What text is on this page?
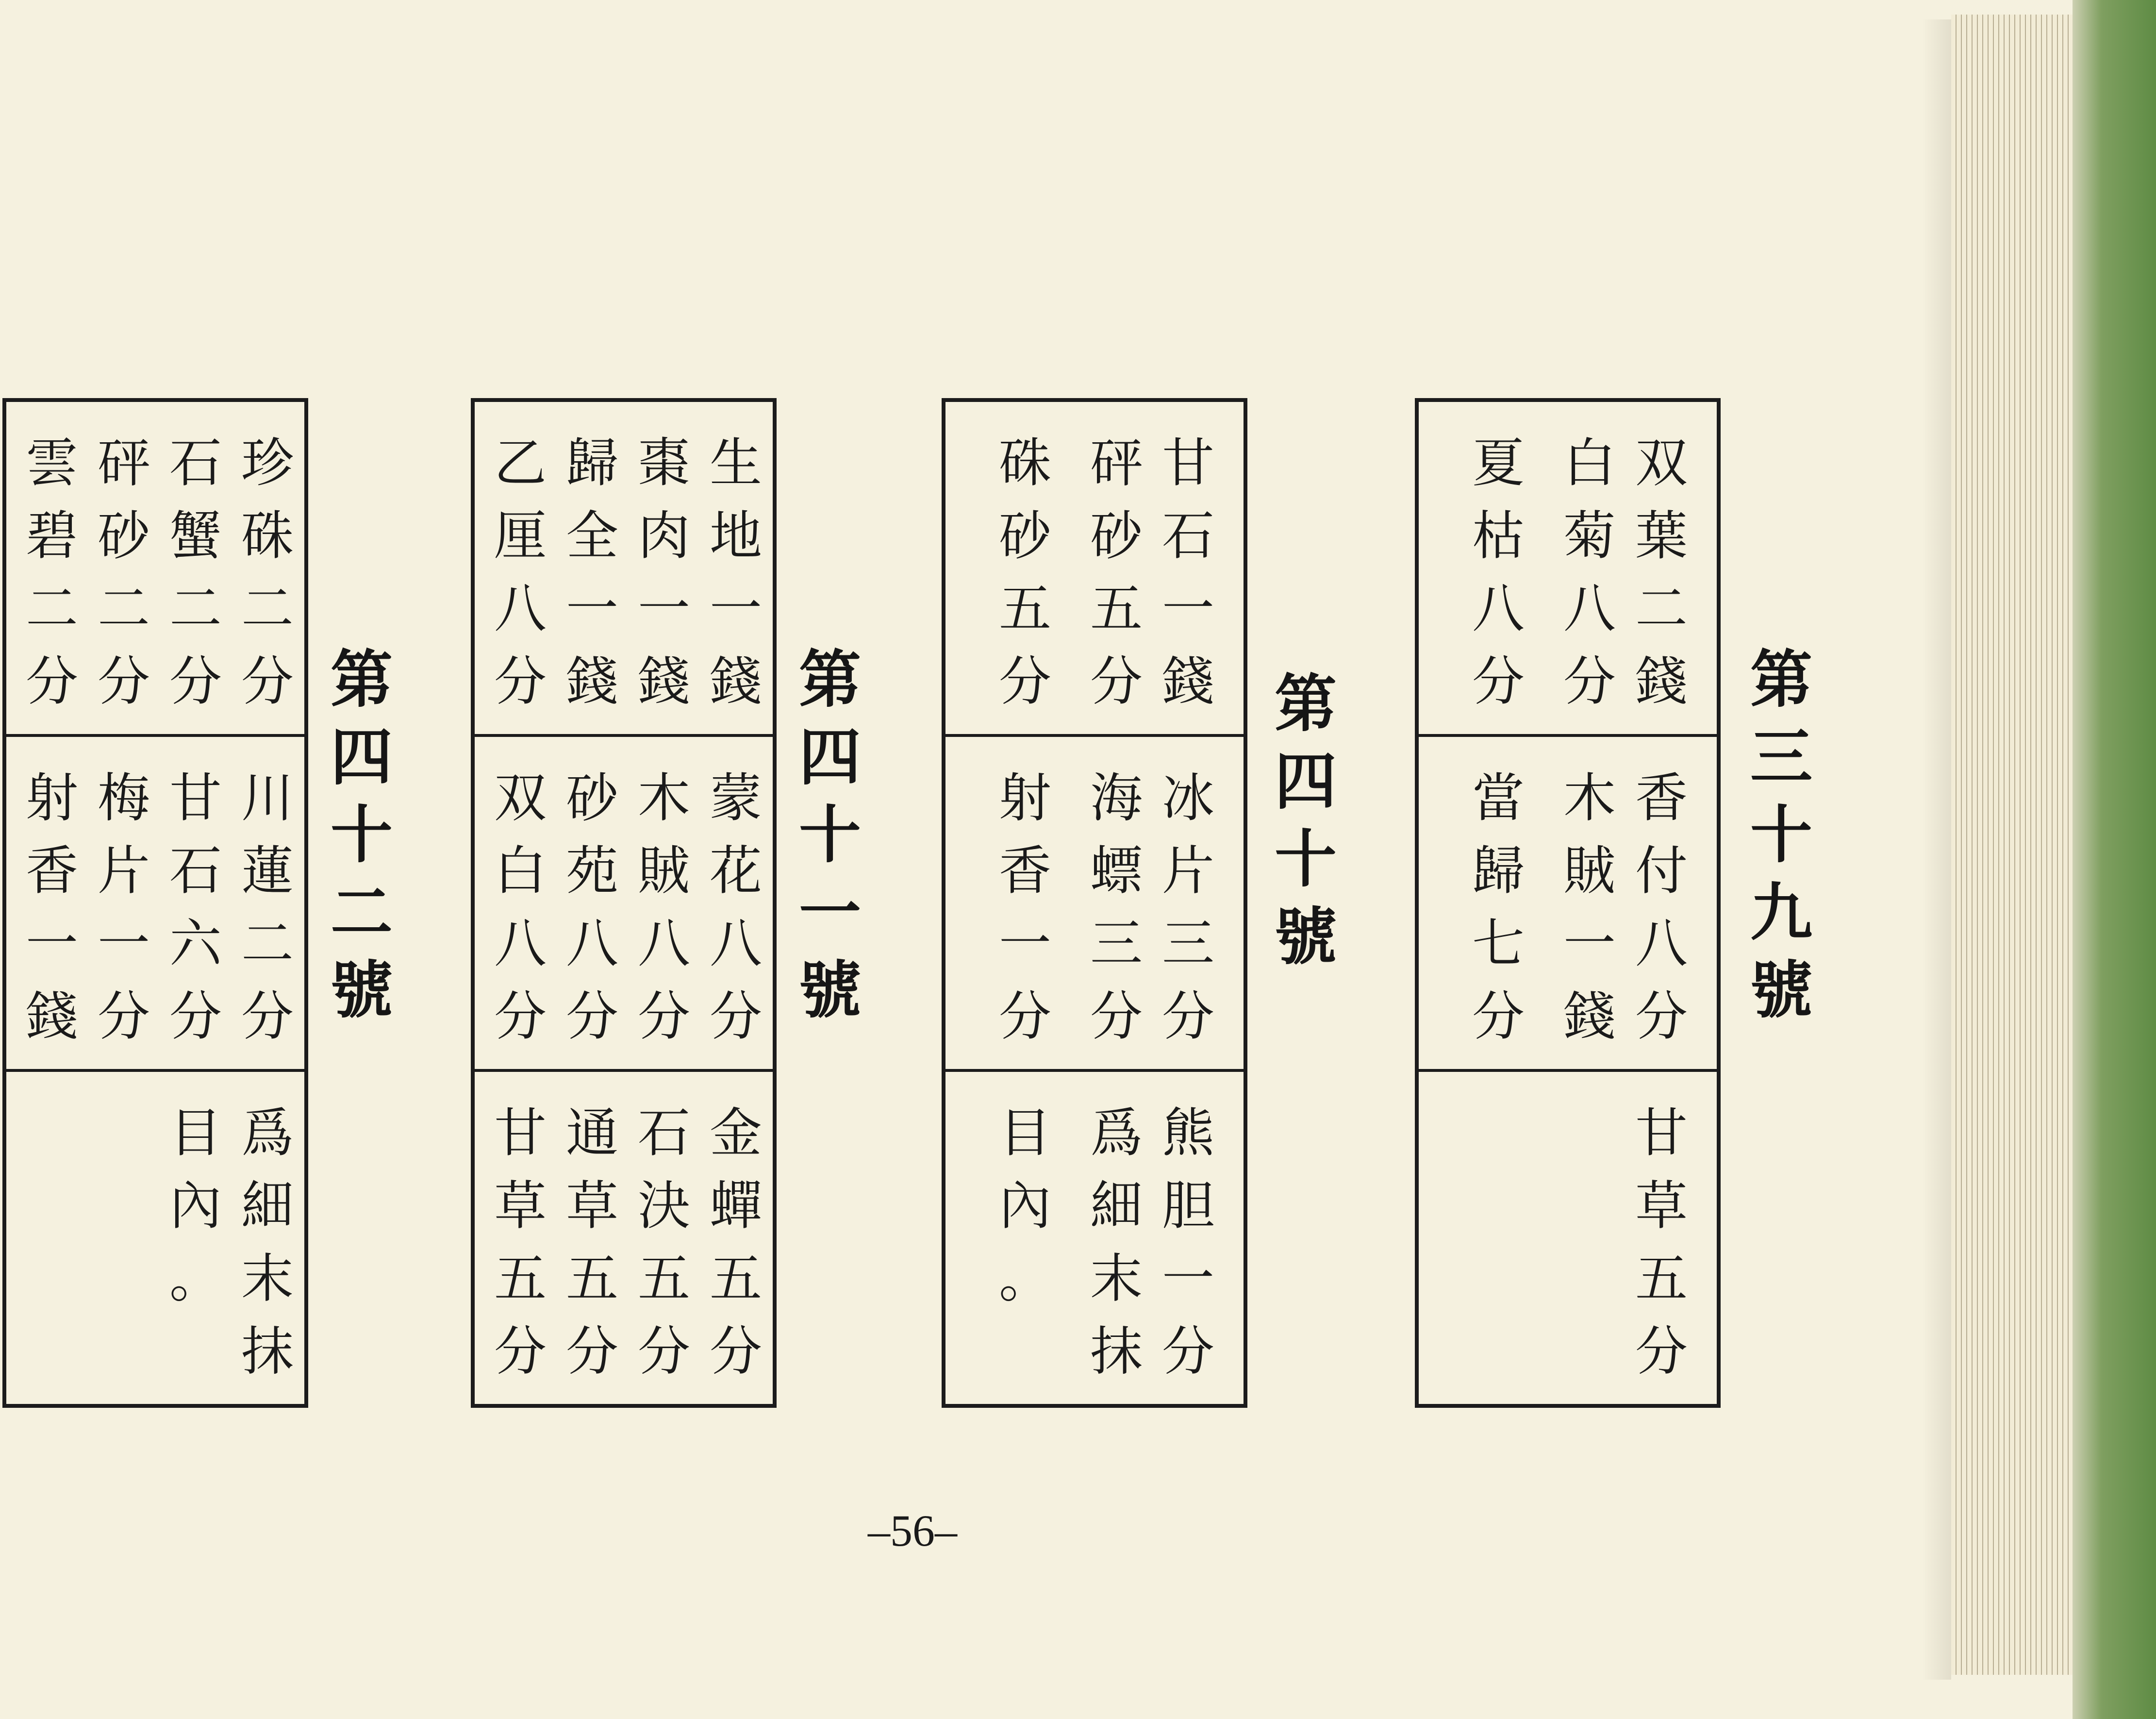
第
三
十
九
號
双
葉
二
錢
白
菊
八
分
夏
枯
八
分
香
付
八
分
木
賊
一
錢
當
歸
七
分
甘
草
五
分
第
四
十
號
甘
石
一
錢
砰
砂
五
分
硃
砂
五
分
冰
片
三
分
海
螵
三
分
射
香
一
分
熊
胆
一
分
爲
細
末
抹
目
內
。
第
四
十
一
號
生
地
一
錢
棗
肉
一
錢
歸
全
一
錢
乙
厘
八
分
蒙
花
八
分
木
賊
八
分
砂
苑
八
分
双
白
八
分
金
蟬
五
分
石
決
五
分
通
草
五
分
甘
草
五
分
第
四
十
二
號
珍
硃
二
分
石
蟹
二
分
砰
砂
二
分
雲
碧
二
分
川
蓮
二
分
甘
石
六
分
梅
片
一
分
射
香
一
錢
爲
細
末
抹
目
內
。
–56–
